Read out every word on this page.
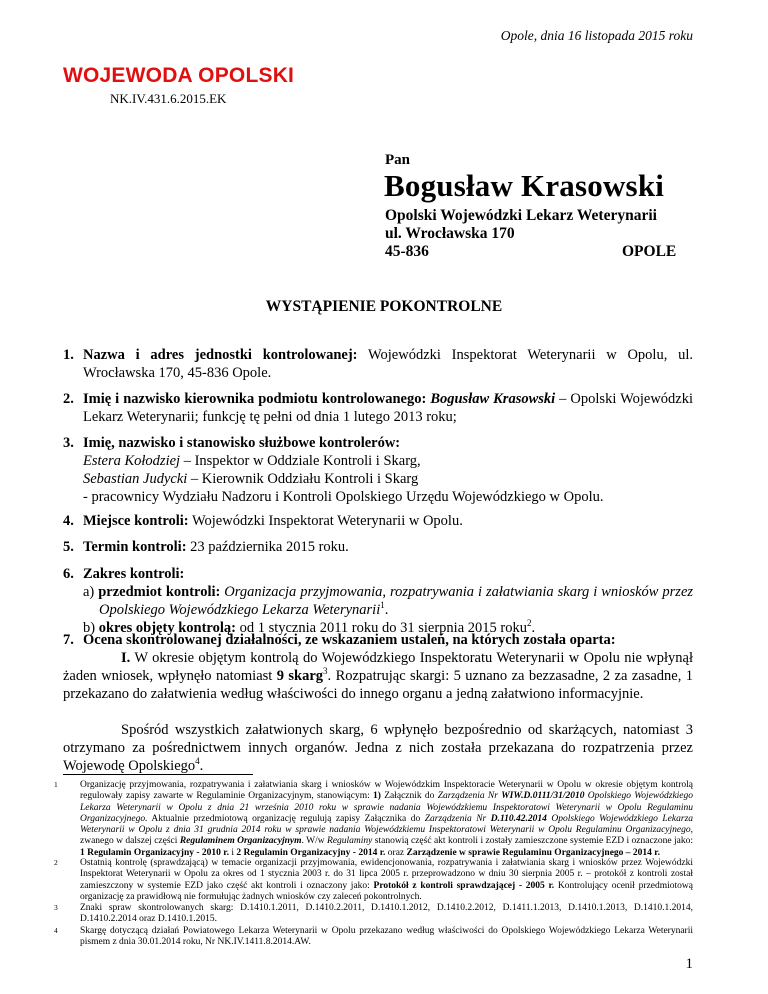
Opole, dnia 16 listopada 2015 roku
WOJEWODA OPOLSKI
NK.IV.431.6.2015.EK
Pan
Bogusław Krasowski
Opolski Wojewódzki Lekarz Weterynarii
ul. Wrocławska 170
45-836	OPOLE
WYSTĄPIENIE POKONTROLNE
1. Nazwa i adres jednostki kontrolowanej: Wojewódzki Inspektorat Weterynarii w Opolu, ul. Wrocławska 170, 45-836 Opole.
2. Imię i nazwisko kierownika podmiotu kontrolowanego: Bogusław Krasowski – Opolski Wojewódzki Lekarz Weterynarii; funkcję tę pełni od dnia 1 lutego 2013 roku;
3. Imię, nazwisko i stanowisko służbowe kontrolerów:
Estera Kołodziej – Inspektor w Oddziale Kontroli i Skarg,
Sebastian Judycki – Kierownik Oddziału Kontroli i Skarg
- pracownicy Wydziału Nadzoru i Kontroli Opolskiego Urzędu Wojewódzkiego w Opolu.
4. Miejsce kontroli: Wojewódzki Inspektorat Weterynarii w Opolu.
5. Termin kontroli: 23 października 2015 roku.
6. Zakres kontroli:
a) przedmiot kontroli: Organizacja przyjmowania, rozpatrywania i załatwiania skarg i wniosków przez Opolskiego Wojewódzkiego Lekarza Weterynarii$^1$.
b) okres objęty kontrolą: od 1 stycznia 2011 roku do 31 sierpnia 2015 roku$^2$.
7. Ocena skontrolowanej działalności, ze wskazaniem ustaleń, na których została oparta:
I. W okresie objętym kontrolą do Wojewódzkiego Inspektoratu Weterynarii w Opolu nie wpłynął żaden wniosek, wpłynęło natomiast 9 skarg$^3$. Rozpatrując skargi: 5 uznano za bezzasadne, 2 za zasadne, 1 przekazano do załatwienia według właściwości do innego organu a jedną załatwiono informacyjnie.
Spośród wszystkich załatwionych skarg, 6 wpłynęło bezpośrednio od skarżących, natomiast 3 otrzymano za pośrednictwem innych organów. Jedna z nich została przekazana do rozpatrzenia przez Wojewodę Opolskiego$^4$.
1	Organizację przyjmowania, rozpatrywania i załatwiania skarg i wniosków w Wojewódzkim Inspektoracie Weterynarii w Opolu w okresie objętym kontrolą regulowały zapisy zawarte w Regulaminie Organizacyjnym, stanowiącym: 1) Załącznik do Zarządzenia Nr WIW.D.0111/31/2010 Opolskiego Wojewódzkiego Lekarza Weterynarii w Opolu z dnia 21 września 2010 roku w sprawie nadania Wojewódzkiemu Inspektoratowi Weterynarii w Opolu Regulaminu Organizacyjnego. Aktualnie przedmiotową organizację regulują zapisy Załącznika do Zarządzenia Nr D.110.42.2014 Opolskiego Wojewódzkiego Lekarza Weterynarii w Opolu z dnia 31 grudnia 2014 roku w sprawie nadania Wojewódzkiemu Inspektoratowi Weterynarii w Opolu Regulaminu Organizacyjnego, zwanego w dalszej części Regulaminem Organizacyjnym. W/w Regulaminy stanowią część akt kontroli i zostały zamieszczone systemie EZD i oznaczone jako: 1 Regulamin Organizacyjny - 2010 r. i 2 Regulamin Organizacyjny - 2014 r. oraz Zarządzenie w sprawie Regulaminu Organizacyjnego – 2014 r.
2	Ostatnią kontrolę (sprawdzającą) w temacie organizacji przyjmowania, ewidencjonowania, rozpatrywania i załatwiania skarg i wniosków przez Wojewódzki Inspektorat Weterynarii w Opolu za okres od 1 stycznia 2003 r. do 31 lipca 2005 r. przeprowadzono w dniu 30 sierpnia 2005 r. – protokół z kontroli został zamieszczony w systemie EZD jako część akt kontroli i oznaczony jako: Protokół z kontroli sprawdzającej - 2005 r. Kontrolujący ocenił przedmiotową organizację za prawidłową nie formułując żadnych wniosków czy zaleceń pokontrolnych.
3	Znaki spraw skontrolowanych skarg: D.1410.1.2011, D.1410.2.2011, D.1410.1.2012, D.1410.2.2012, D.1411.1.2013, D.1410.1.2013, D.1410.1.2014, D.1410.2.2014 oraz D.1410.1.2015.
4	Skargę dotyczącą działań Powiatowego Lekarza Weterynarii w Opolu przekazano według właściwości do Opolskiego Wojewódzkiego Lekarza Weterynarii pismem z dnia 30.01.2014 roku, Nr NK.IV.1411.8.2014.AW.
1
